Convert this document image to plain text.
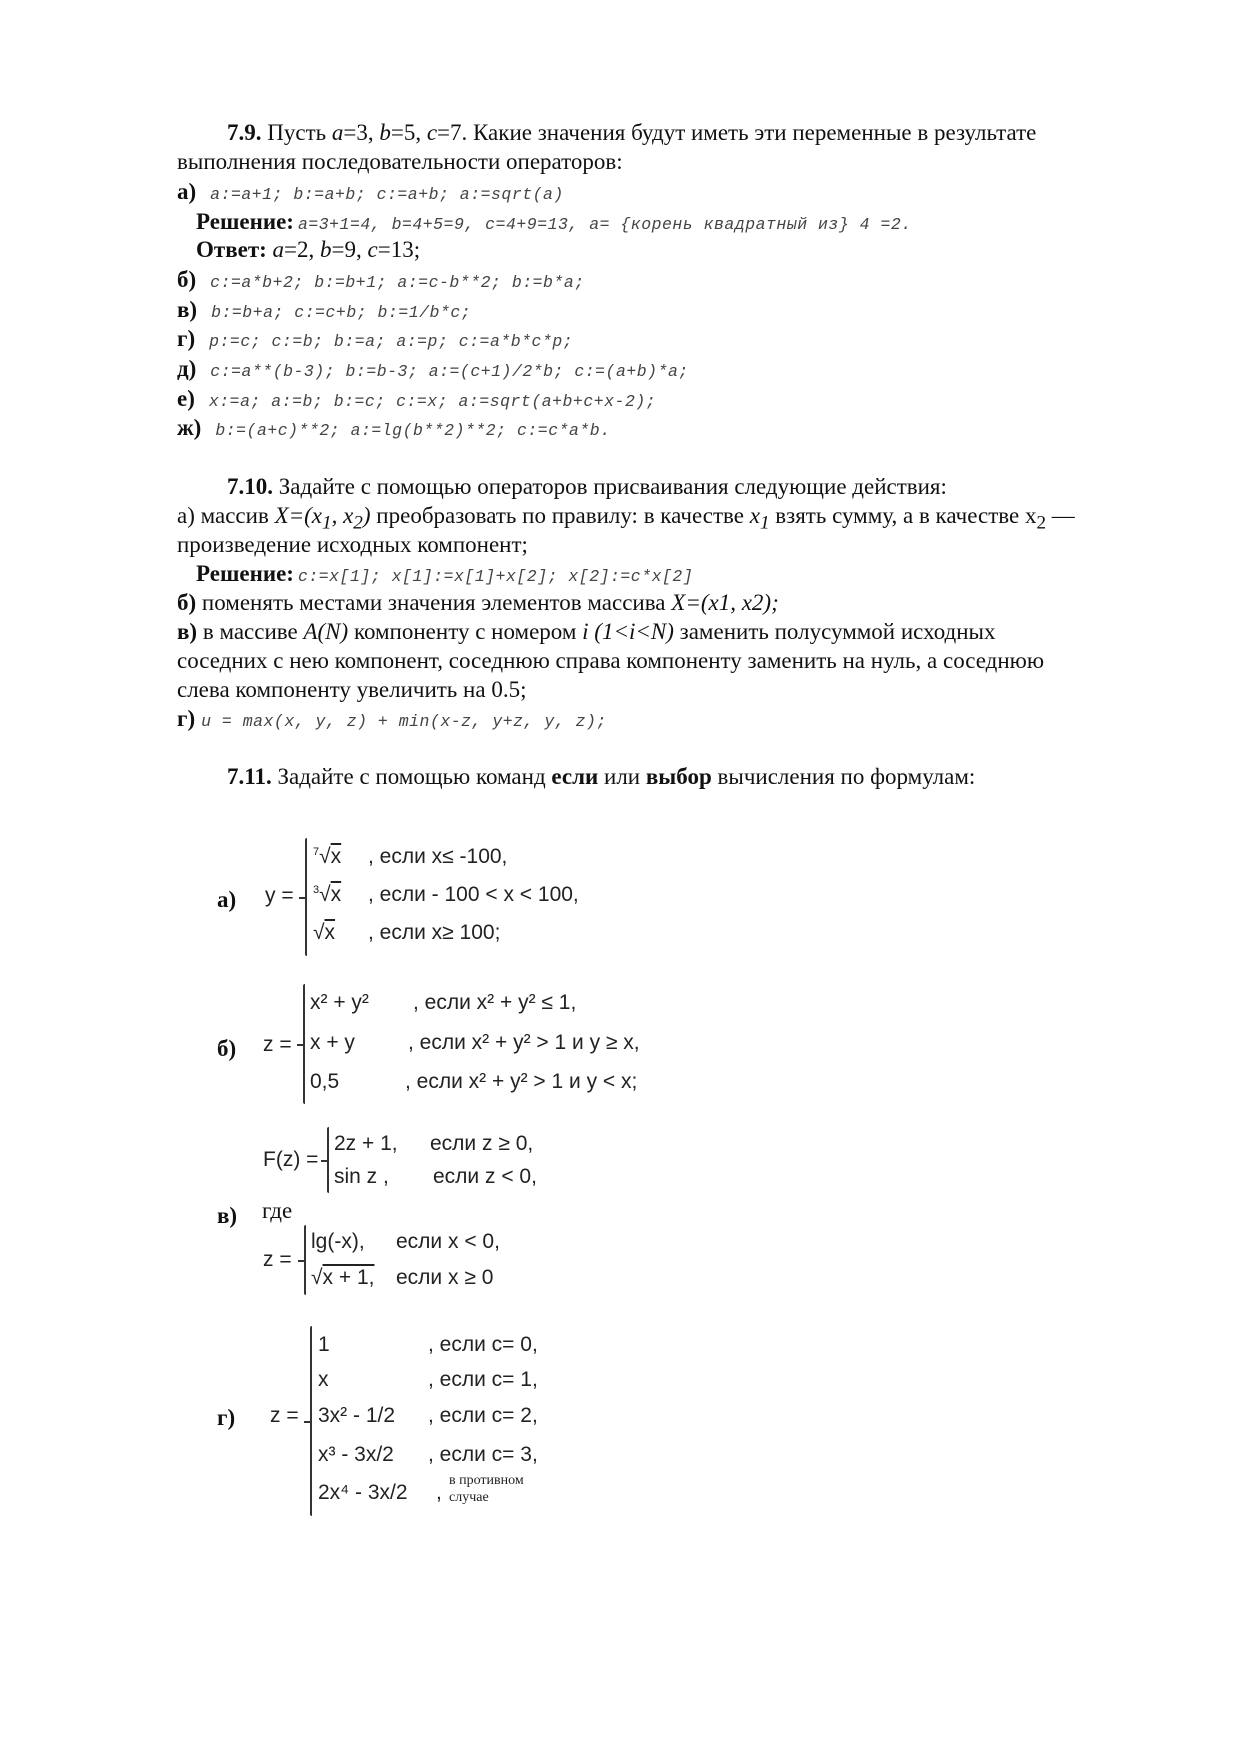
7.9. Пусть a=3, b=5, c=7. Какие значения будут иметь эти переменные в результате
выполнения последовательности операторов:
а) a:=a+1; b:=a+b; c:=a+b; a:=sqrt(a)
Решение: a=3+1=4, b=4+5=9, c=4+9=13, a= {корень квадратный из} 4 =2.
Ответ: a=2, b=9, c=13;
б) c:=a*b+2; b:=b+1; a:=c-b**2; b:=b*a;
в) b:=b+a; c:=c+b; b:=1/b*c;
г) p:=c; c:=b; b:=a; a:=p; c:=a*b*c*p;
д) c:=a**(b-3); b:=b-3; a:=(c+1)/2*b; c:=(a+b)*a;
е) x:=a; a:=b; b:=c; c:=x; a:=sqrt(a+b+c+x-2);
ж) b:=(a+c)**2; a:=lg(b**2)**2; c:=c*a*b.
7.10. Задайте с помощью операторов присваивания следующие действия:
а) массив $X=(x_1$, $x_2$) преобразовать по правилу: в качестве $x_1$ взять сумму, а в качестве $x_2$ —
произведение исходных компонент;
Решение: c:=x[1]; x[1]:=x[1]+x[2]; x[2]:=c*x[2]
б) поменять местами значения элементов массива X=(x1, x2);
в) в массиве A(N) компоненту с номером i (1<i<N) заменить полусуммой исходных
соседних с нею компонент, соседнюю справа компоненту заменить на нуль, а соседнюю
слева компоненту увеличить на 0.5;
г) u = max(x, y, z) + min(x-z, y+z, y, z);
7.11. Задайте с помощью команд если или выбор вычисления по формулам:
а) y =
$^7$√x , если x≤ -100,
$^3$√x , если - 100 < x < 100,
√x , если x≥ 100;
б) z =
x² + y² , если x² + y² ≤ 1,
x + y	, если x² + y² > 1 и y ≥ x,
0,5	, если x² + y² > 1 и y < x;
F(z) =
2z + 1, если z ≥ 0,
sin z , если z < 0,
в) где
z =
lg(-x), если x < 0,
√x + 1, если x ≥ 0
г) z =
1	, если c= 0,
x	, если c= 1,
3x² - 1/2 , если c= 2,
x³ - 3x/2 , если c= 3,
2x⁴ - 3x/2 ,
в противном
случае
